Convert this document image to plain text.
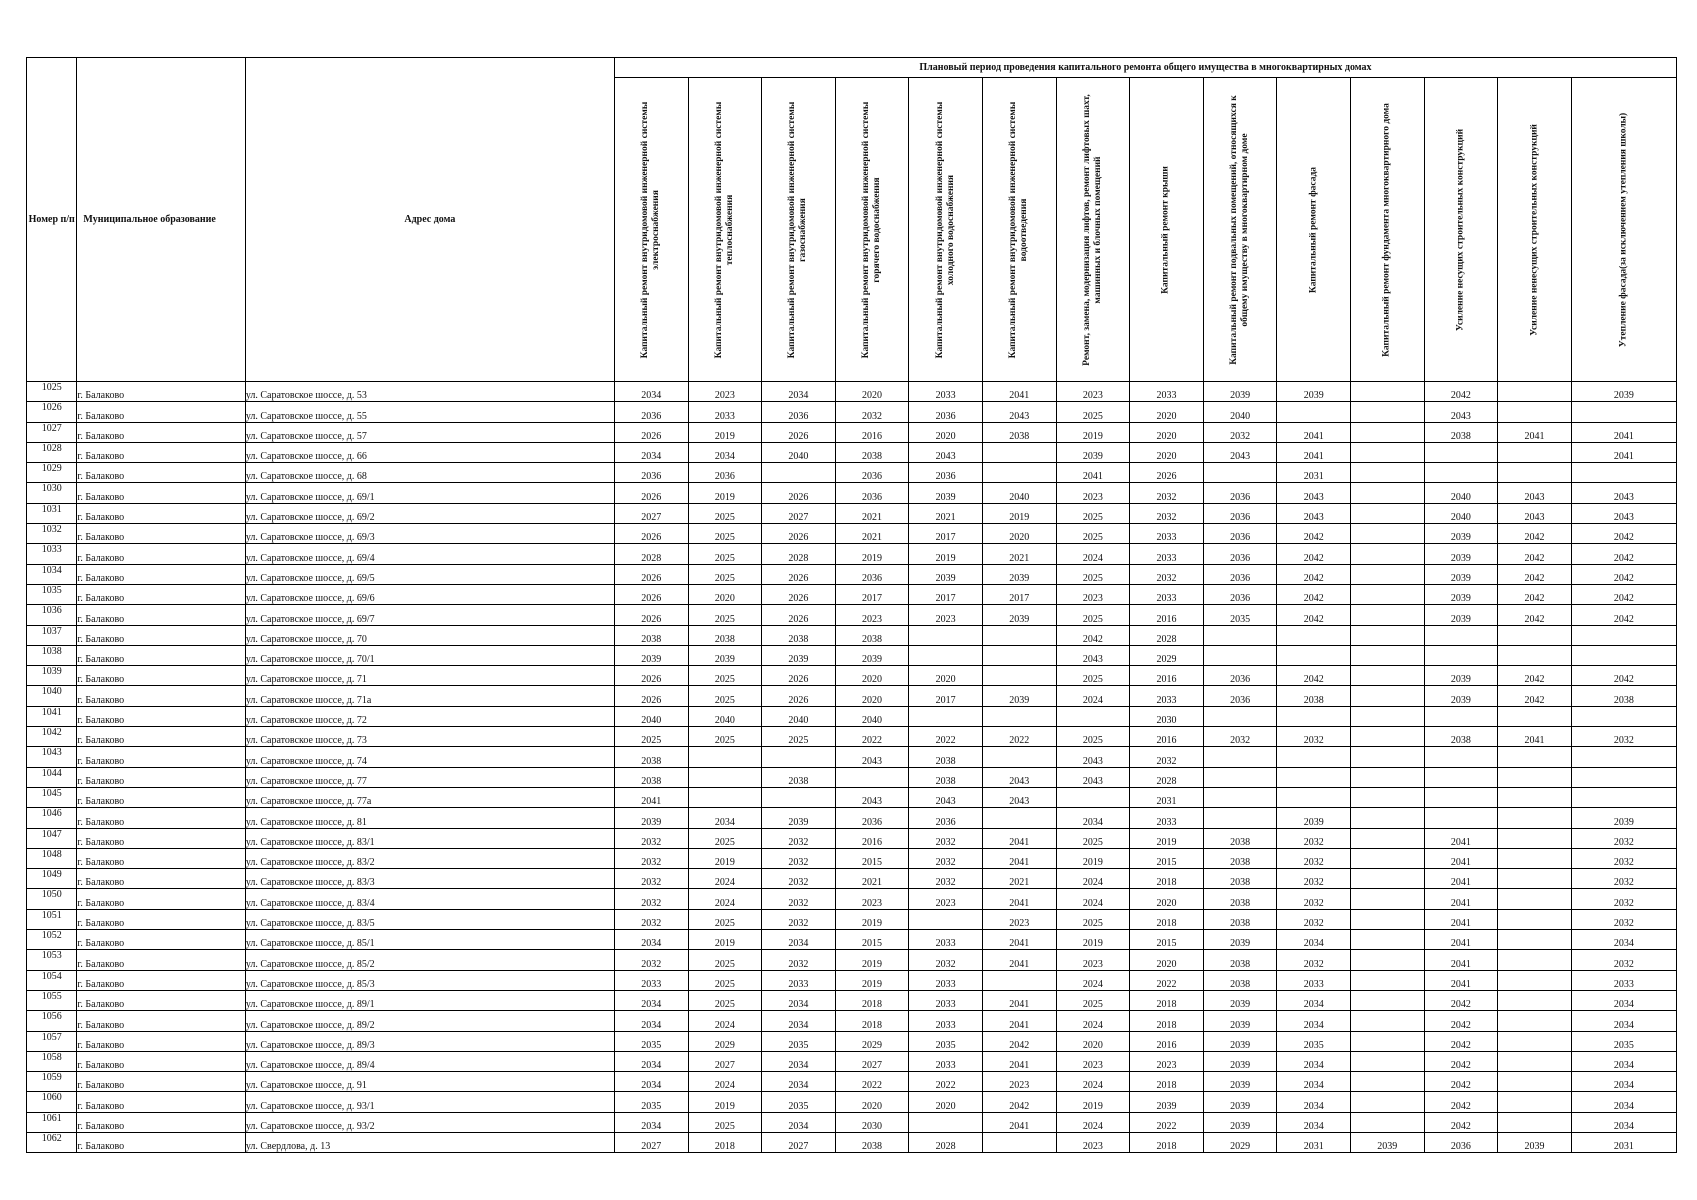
Номер п/п	Муниципальное образование	Адрес дома	Плановый период проведения капитального ремонта общего имущества в многоквартирных домах													

			Капитальный ремонт внутридомовой инженерной системы электроснабжения	Капитальный ремонт внутридомовой инженерной системы теплоснабжения	Капитальный ремонт внутридомовой инженерной системы газоснабжения	Капитальный ремонт внутридомовой инженерной системы горячего водоснабжения	Капитальный ремонт внутридомовой инженерной системы холодного водоснабжения	Капитальный ремонт внутридомовой инженерной системы водоотведения	Ремонт, замена, модернизация лифтов, ремонт лифтовых шахт, машинных и блочных помещений	Капитальный ремонт крыши	Капитальный ремонт подвальных помещений, относящихся к общему имуществу в многоквартирном доме	Капитальный ремонт фасада	Капитальный ремонт фундамента многоквартирного дома	Усиление несущих строительных конструкций	Усиление ненесущих строительных конструкций	Утепление фасада(за исключением утепления школы)

1025	г. Балаково	ул. Саратовское шоссе, д. 53	2034	2023	2034	2020	2033	2041	2023	2033	2039	2039		2042		2039
1026	г. Балаково	ул. Саратовское шоссе, д. 55	2036	2033	2036	2032	2036	2043	2025	2020	2040			2043		
1027	г. Балаково	ул. Саратовское шоссе, д. 57	2026	2019	2026	2016	2020	2038	2019	2020	2032	2041		2038	2041	2041
1028	г. Балаково	ул. Саратовское шоссе, д. 66	2034	2034	2040	2038	2043		2039	2020	2043	2041				2041
1029	г. Балаково	ул. Саратовское шоссе, д. 68	2036	2036		2036	2036		2041	2026		2031				
1030	г. Балаково	ул. Саратовское шоссе, д. 69/1	2026	2019	2026	2036	2039	2040	2023	2032	2036	2043		2040	2043	2043
1031	г. Балаково	ул. Саратовское шоссе, д. 69/2	2027	2025	2027	2021	2021	2019	2025	2032	2036	2043		2040	2043	2043
1032	г. Балаково	ул. Саратовское шоссе, д. 69/3	2026	2025	2026	2021	2017	2020	2025	2033	2036	2042		2039	2042	2042
1033	г. Балаково	ул. Саратовское шоссе, д. 69/4	2028	2025	2028	2019	2019	2021	2024	2033	2036	2042		2039	2042	2042
1034	г. Балаково	ул. Саратовское шоссе, д. 69/5	2026	2025	2026	2036	2039	2039	2025	2032	2036	2042		2039	2042	2042
1035	г. Балаково	ул. Саратовское шоссе, д. 69/6	2026	2020	2026	2017	2017	2017	2023	2033	2036	2042		2039	2042	2042
1036	г. Балаково	ул. Саратовское шоссе, д. 69/7	2026	2025	2026	2023	2023	2039	2025	2016	2035	2042		2039	2042	2042
1037	г. Балаково	ул. Саратовское шоссе, д. 70	2038	2038	2038	2038			2042	2028						
1038	г. Балаково	ул. Саратовское шоссе, д. 70/1	2039	2039	2039	2039			2043	2029						
1039	г. Балаково	ул. Саратовское шоссе, д. 71	2026	2025	2026	2020	2020		2025	2016	2036	2042		2039	2042	2042
1040	г. Балаково	ул. Саратовское шоссе, д. 71а	2026	2025	2026	2020	2017	2039	2024	2033	2036	2038		2039	2042	2038
1041	г. Балаково	ул. Саратовское шоссе, д. 72	2040	2040	2040	2040				2030						
1042	г. Балаково	ул. Саратовское шоссе, д. 73	2025	2025	2025	2022	2022	2022	2025	2016	2032	2032		2038	2041	2032
1043	г. Балаково	ул. Саратовское шоссе, д. 74	2038			2043	2038		2043	2032						
1044	г. Балаково	ул. Саратовское шоссе, д. 77	2038		2038		2038	2043	2043	2028						
1045	г. Балаково	ул. Саратовское шоссе, д. 77а	2041			2043	2043	2043		2031						
1046	г. Балаково	ул. Саратовское шоссе, д. 81	2039	2034	2039	2036	2036		2034	2033		2039				2039
1047	г. Балаково	ул. Саратовское шоссе, д. 83/1	2032	2025	2032	2016	2032	2041	2025	2019	2038	2032		2041		2032
1048	г. Балаково	ул. Саратовское шоссе, д. 83/2	2032	2019	2032	2015	2032	2041	2019	2015	2038	2032		2041		2032
1049	г. Балаково	ул. Саратовское шоссе, д. 83/3	2032	2024	2032	2021	2032	2021	2024	2018	2038	2032		2041		2032
1050	г. Балаково	ул. Саратовское шоссе, д. 83/4	2032	2024	2032	2023	2023	2041	2024	2020	2038	2032		2041		2032
1051	г. Балаково	ул. Саратовское шоссе, д. 83/5	2032	2025	2032	2019		2023	2025	2018	2038	2032		2041		2032
1052	г. Балаково	ул. Саратовское шоссе, д. 85/1	2034	2019	2034	2015	2033	2041	2019	2015	2039	2034		2041		2034
1053	г. Балаково	ул. Саратовское шоссе, д. 85/2	2032	2025	2032	2019	2032	2041	2023	2020	2038	2032		2041		2032
1054	г. Балаково	ул. Саратовское шоссе, д. 85/3	2033	2025	2033	2019	2033		2024	2022	2038	2033		2041		2033
1055	г. Балаково	ул. Саратовское шоссе, д. 89/1	2034	2025	2034	2018	2033	2041	2025	2018	2039	2034		2042		2034
1056	г. Балаково	ул. Саратовское шоссе, д. 89/2	2034	2024	2034	2018	2033	2041	2024	2018	2039	2034		2042		2034
1057	г. Балаково	ул. Саратовское шоссе, д. 89/3	2035	2029	2035	2029	2035	2042	2020	2016	2039	2035		2042		2035
1058	г. Балаково	ул. Саратовское шоссе, д. 89/4	2034	2027	2034	2027	2033	2041	2023	2023	2039	2034		2042		2034
1059	г. Балаково	ул. Саратовское шоссе, д. 91	2034	2024	2034	2022	2022	2023	2024	2018	2039	2034		2042		2034
1060	г. Балаково	ул. Саратовское шоссе, д. 93/1	2035	2019	2035	2020	2020	2042	2019	2039	2039	2034		2042		2034
1061	г. Балаково	ул. Саратовское шоссе, д. 93/2	2034	2025	2034	2030		2041	2024	2022	2039	2034		2042		2034
1062	г. Балаково	ул. Свердлова, д. 13	2027	2018	2027	2038	2028		2023	2018	2029	2031	2039	2036	2039	2031
